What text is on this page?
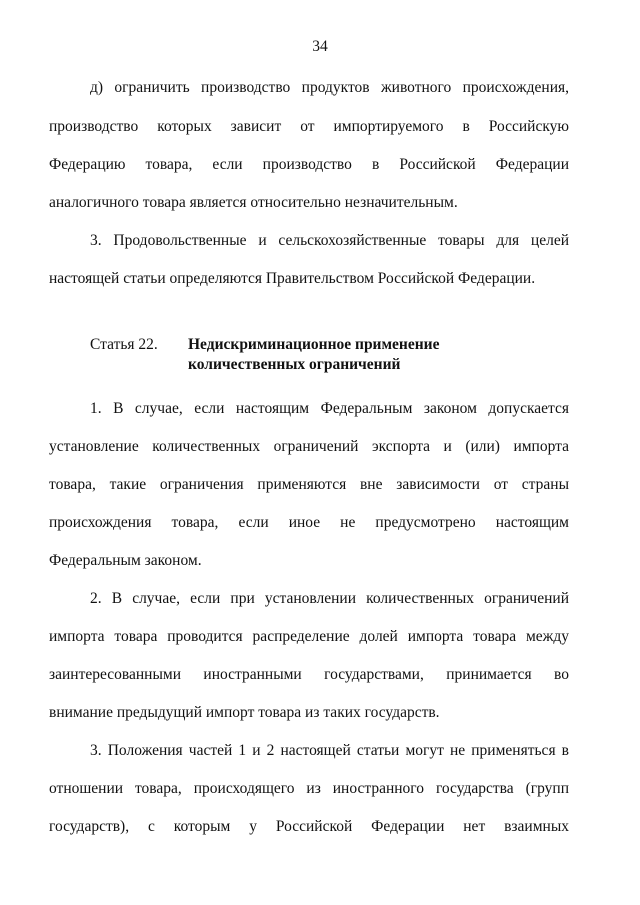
34
д) ограничить производство продуктов животного происхождения,
производство которых зависит от импортируемого в Российскую
Федерацию товара, если производство в Российской Федерации
аналогичного товара является относительно незначительным.
3. Продовольственные и сельскохозяйственные товары для целей
настоящей статьи определяются Правительством Российской Федерации.
Статья 22. Недискриминационное применение
количественных ограничений
1. В случае, если настоящим Федеральным законом допускается
установление количественных ограничений экспорта и (или) импорта
товара, такие ограничения применяются вне зависимости от страны
происхождения товара, если иное не предусмотрено настоящим
Федеральным законом.
2. В случае, если при установлении количественных ограничений
импорта товара проводится распределение долей импорта товара между
заинтересованными иностранными государствами, принимается во
внимание предыдущий импорт товара из таких государств.
3. Положения частей 1 и 2 настоящей статьи могут не применяться в
отношении товара, происходящего из иностранного государства (групп
государств), с которым у Российской Федерации нет взаимных
